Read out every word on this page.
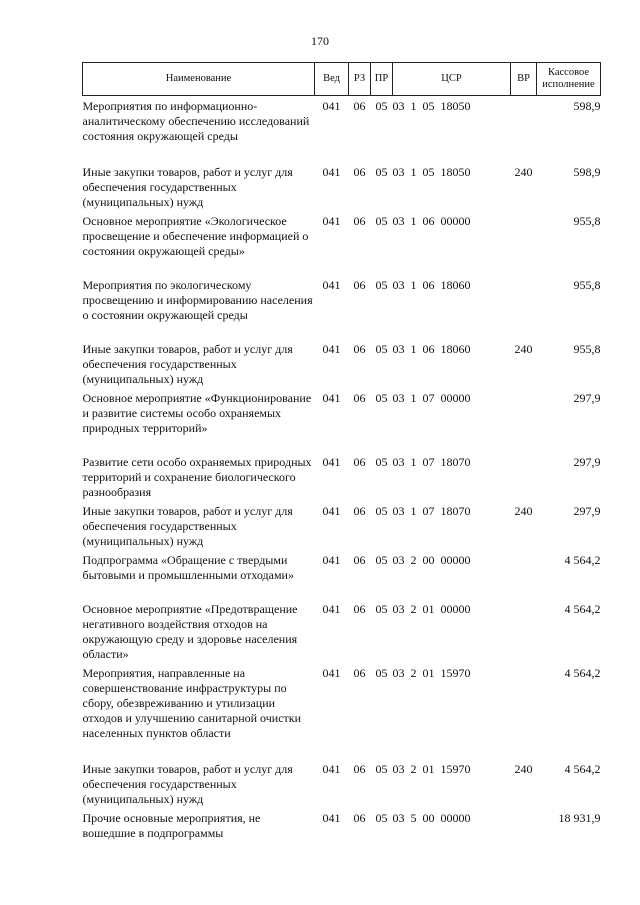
170
Наименование	Вед	РЗ	ПР	ЦСР	ВР	Кассовое исполнение
Мероприятия по информационно-аналитическому обеспечению исследований состояния окружающей среды	041	06	05	03  1  05  18050		598,9
Иные закупки товаров, работ и услуг для обеспечения государственных (муниципальных) нужд	041	06	05	03  1  05  18050	240	598,9
Основное мероприятие «Экологическое просвещение и обеспечение информацией о состоянии окружающей среды»	041	06	05	03  1  06  00000		955,8
Мероприятия по экологическому просвещению и информированию населения о состоянии окружающей среды	041	06	05	03  1  06  18060		955,8
Иные закупки товаров, работ и услуг для обеспечения государственных (муниципальных) нужд	041	06	05	03  1  06  18060	240	955,8
Основное мероприятие «Функционирование и развитие системы особо охраняемых природных территорий»	041	06	05	03  1  07  00000		297,9
Развитие сети особо охраняемых природных территорий и сохранение биологического разнообразия	041	06	05	03  1  07  18070		297,9
Иные закупки товаров, работ и услуг для обеспечения государственных (муниципальных) нужд	041	06	05	03  1  07  18070	240	297,9
Подпрограмма «Обращение с твердыми бытовыми и промышленными отходами»	041	06	05	03  2  00  00000		4 564,2
Основное мероприятие «Предотвращение негативного воздействия отходов на окружающую среду и здоровье населения области»	041	06	05	03  2  01  00000		4 564,2
Мероприятия, направленные на совершенствование инфраструктуры по сбору, обезвреживанию и утилизации отходов и улучшению санитарной очистки населенных пунктов области	041	06	05	03  2  01  15970		4 564,2
Иные закупки товаров, работ и услуг для обеспечения государственных (муниципальных) нужд	041	06	05	03  2  01  15970	240	4 564,2
Прочие основные мероприятия, не вошедшие в подпрограммы	041	06	05	03  5  00  00000		18 931,9
